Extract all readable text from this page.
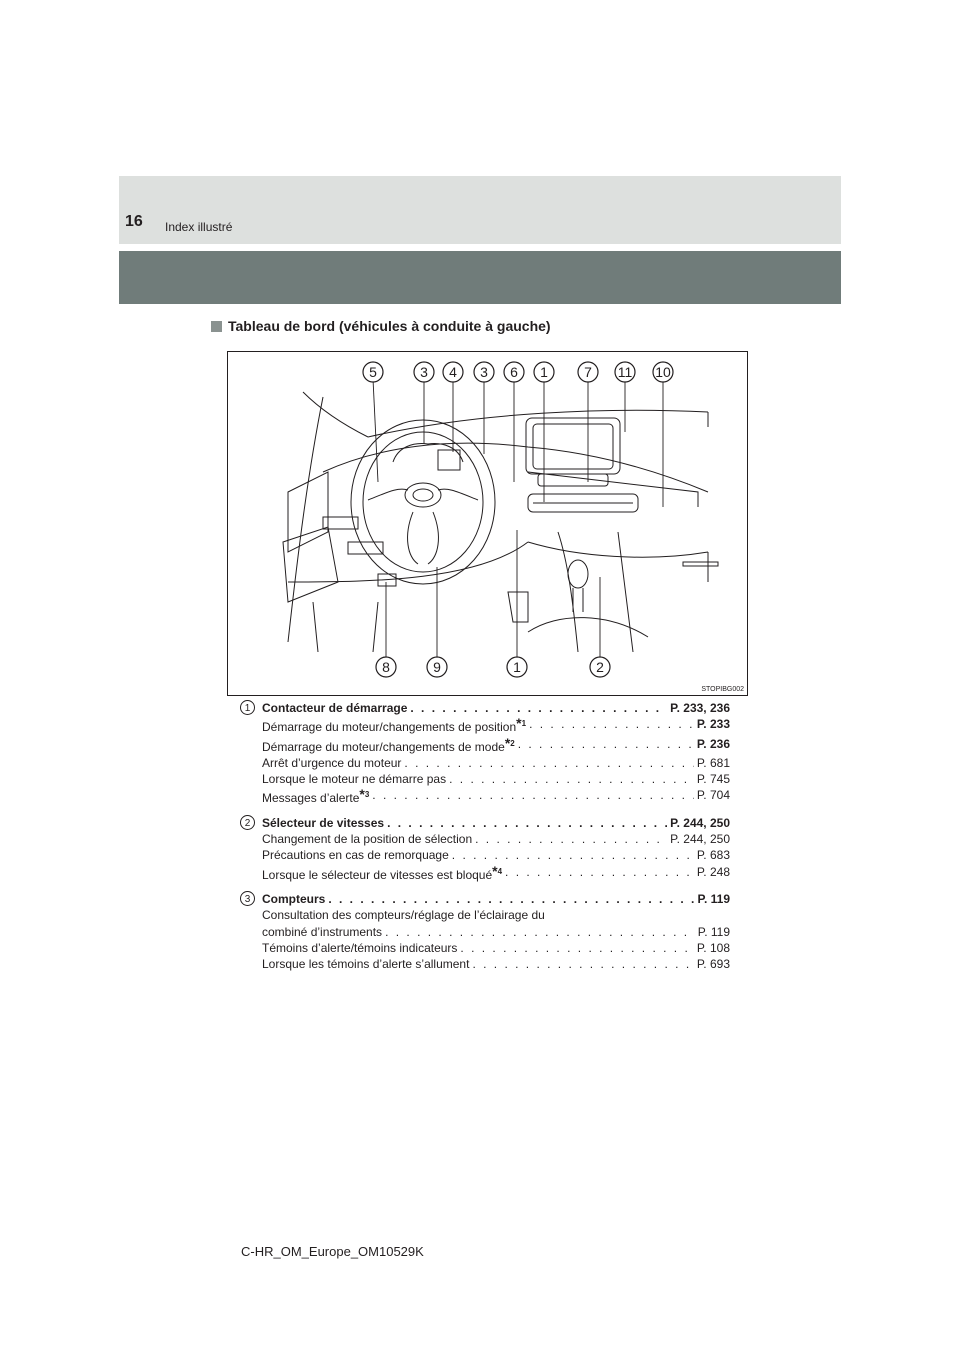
16 Index illustré
Tableau de bord (véhicules à conduite à gauche)
5	3 4 3 6 1	7 11 10
8	9	1	2
STOPIBG002
1 Contacteur de démarrage . . .	P. 233, 236
Démarrage du moteur/changements de position*$^1$ . . .	P. 233
Démarrage du moteur/changements de mode*$^2$ . . .	P. 236
Arrêt d’urgence du moteur . . .	P. 681
Lorsque le moteur ne démarre pas . . .	P. 745
Messages d’alerte*$^3$ . . .	P. 704
2 Sélecteur de vitesses . . .	P. 244, 250
Changement de la position de sélection . . .	P. 244, 250
Précautions en cas de remorquage . . .	P. 683
Lorsque le sélecteur de vitesses est bloqué*$^4$ . . .	P. 248
3 Compteurs . . .	P. 119
Consultation des compteurs/réglage de l’éclairage du
combiné d’instruments . . .	P. 119
Témoins d’alerte/témoins indicateurs . . .	P. 108
Lorsque les témoins d’alerte s’allument . . .	P. 693
C-HR_OM_Europe_OM10529K
